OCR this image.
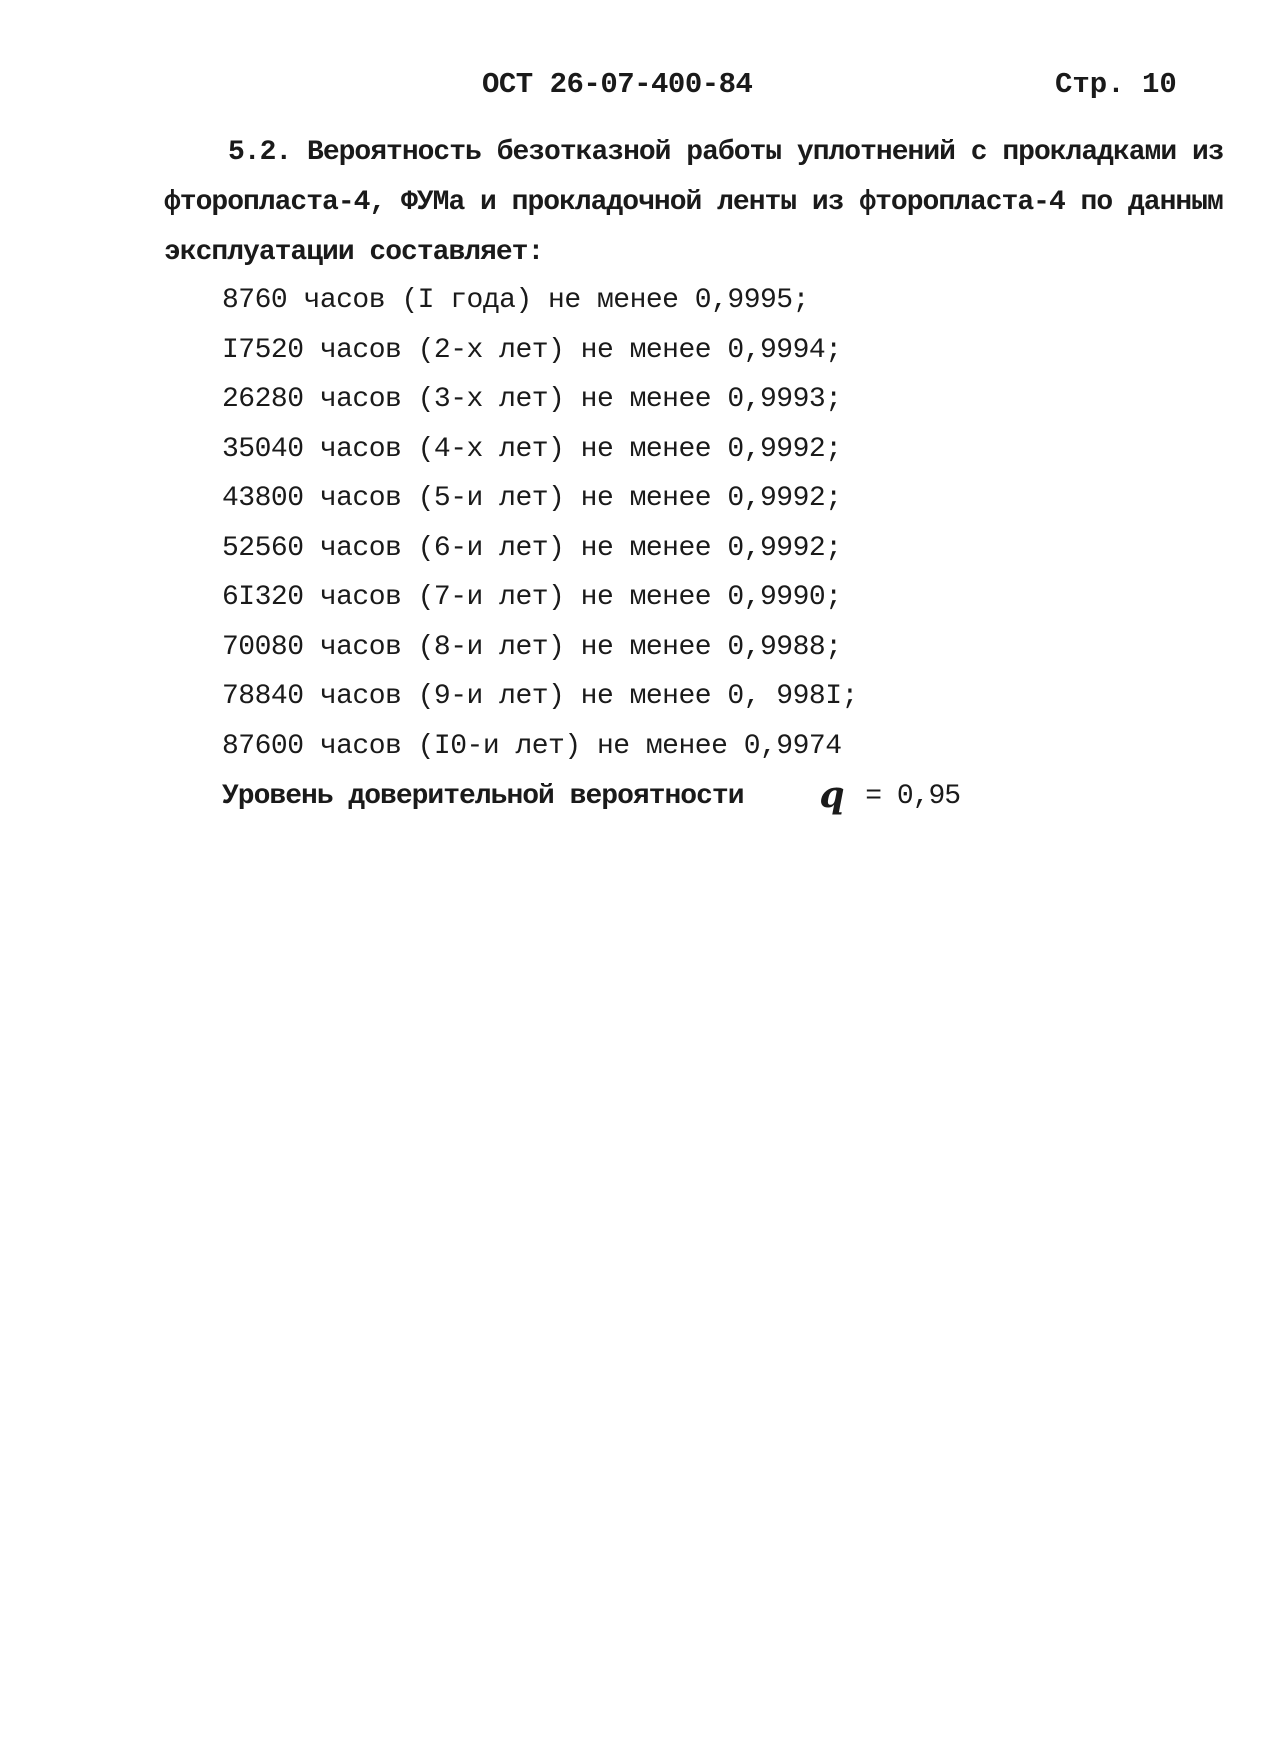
ОСТ 26-07-400-84	Стр. 10
5.2. Вероятность безотказной работы уплотнений с прокладками из
фторопласта-4, ФУМа и прокладочной ленты из фторопласта-4 по данным
эксплуатации составляет:
8760 часов (I года) не менее 0,9995;
I7520 часов (2-х лет) не менее 0,9994;
26280 часов (3-х лет) не менее 0,9993;
35040 часов (4-х лет) не менее 0,9992;
43800 часов (5-и лет) не менее 0,9992;
52560 часов (6-и лет) не менее 0,9992;
6I320 часов (7-и лет) не менее 0,9990;
70080 часов (8-и лет) не менее 0,9988;
78840 часов (9-и лет) не менее 0, 998I;
87600 часов (I0-и лет) не менее 0,9974
Уровень доверительной вероятности q = 0,95
